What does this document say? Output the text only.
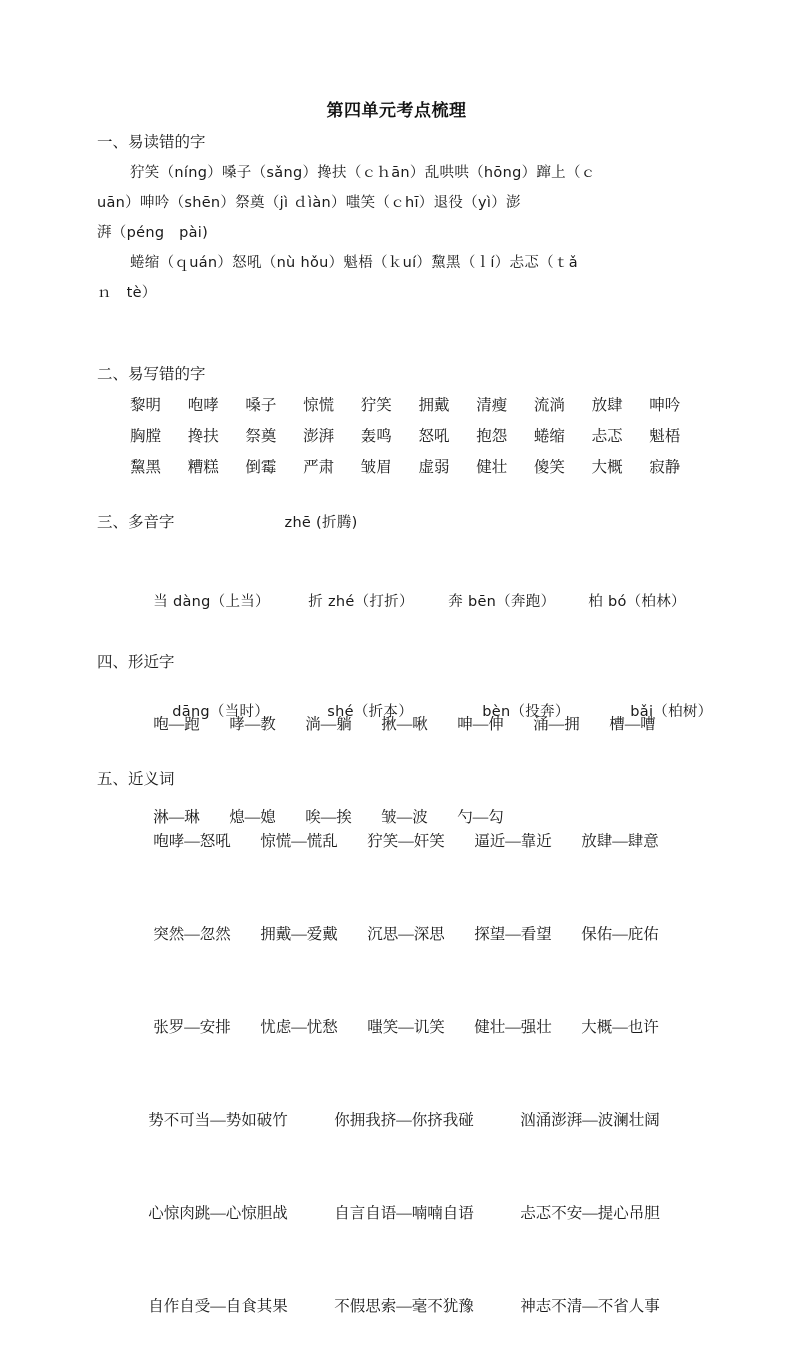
第四单元考点梳理
一、易读错的字
狞笑（níng）嗓子（sǎng）搀扶（ｃｈān）乱哄哄（hōng）蹿上（ｃ
uān）呻吟（shēn）祭奠（jì ｄìàn）嗤笑（ｃhī）退役（yì）澎
湃（péng　pài)
蜷缩（ｑuán）怒吼（nù hǒu）魁梧（ｋuí）黧黑（ｌí）忐忑（ｔǎ
ｎ　tè）
二、易写错的字
黎明	咆哮	嗓子	惊慌	狞笑	拥戴	清瘦	流淌	放肆	呻吟
胸膛	搀扶	祭奠	澎湃	轰鸣	怒吼	抱怨	蜷缩	忐忑	魁梧
黧黑	糟糕	倒霉	严肃	皱眉	虚弱	健壮	傻笑	大概	寂静
三、多音字	zhē (折腾)

当 dàng（上当）	折 zhé（打折） 奔 bēn（奔跑） 柏 bó（柏林）

dāng（当时）	shé（折本）	bèn（投奔）	bǎi（柏树）

四、形近字

咆—跑 哮—教 淌—躺 揪—啾 呻—伸 涌—拥 槽—嘈

淋—琳 熄—媳 唉—挨 皱—波 勺—勾

五、近义词

咆哮—怒吼 惊慌—慌乱 狞笑—奸笑 逼近—靠近 放肆—肆意

突然—忽然 拥戴—爱戴 沉思—深思 探望—看望 保佑—庇佑

张罗—安排 忧虑—忧愁 嗤笑—讥笑 健壮—强壮 大概—也许

势不可当—势如破竹	你拥我挤—你挤我碰	汹涌澎湃—波澜壮阔

心惊肉跳—心惊胆战	自言自语—喃喃自语	忐忑不安—提心吊胆

自作自受—自食其果	不假思索—毫不犹豫	神志不清—不省人事
